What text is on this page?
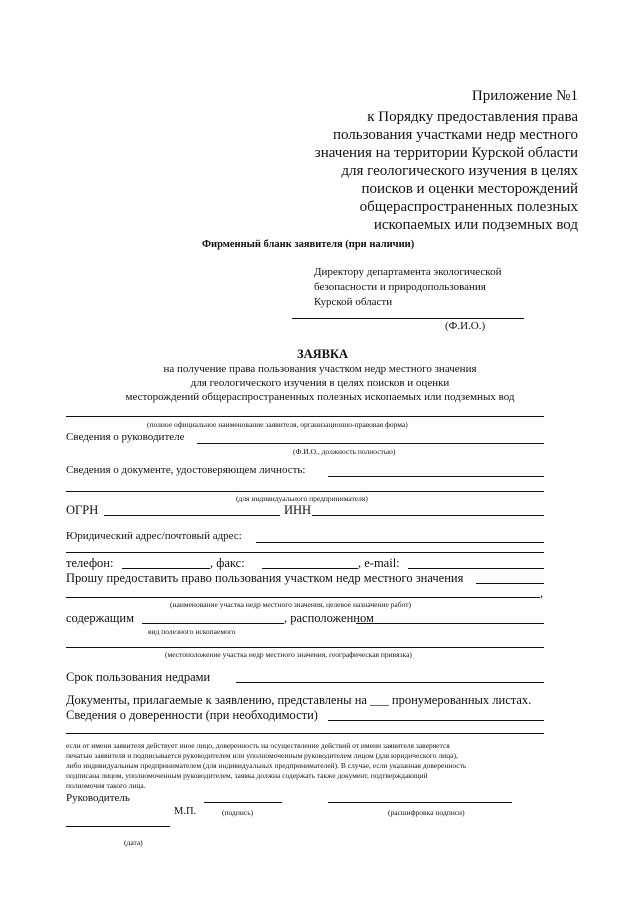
Приложение №1
к Порядку предоставления права
пользования участками недр местного
значения на территории Курской области
для геологического изучения в целях
поисков и оценки месторождений
общераспространенных полезных
ископаемых или подземных вод
Фирменный бланк заявителя (при наличии)
Директору департамента экологической
безопасности и природопользования
Курской области
(Ф.И.О.)
ЗАЯВКА
на получение права пользования участком недр местного значения
для геологического изучения в целях поисков и оценки
месторождений общераспространенных полезных ископаемых или подземных вод
(полное официальное наименование заявителя, организационно-правовая форма)
Сведения о руководителе
(Ф.И.О., должность полностью)
Сведения о документе, удостоверяющем личность:
(для индивидуального предпринимателя)
ОГРН	ИНН
Юридический адрес/почтовый адрес:
телефон:	, факс:	, e-mail:
Прошу предоставить право пользования участком недр местного значения
,
(наименование участка недр местного значения, целевое назначение работ)
содержащим	, расположенном
вид полезного ископаемого
(местоположение участка недр местного значения, географическая привязка)
Срок пользования недрами
Документы, прилагаемые к заявлению, представлены на ___ пронумерованных листах.
Сведения о доверенности (при необходимости)
если от имени заявителя действует иное лицо, доверенность на осуществление действий от имени заявителя заверяется
печатью заявителя и подписывается руководителем или уполномоченным руководителем лицом (для юридического лица),
либо индивидуальным предпринимателем (для индивидуальных предпринимателей). В случае, если указанная доверенность
подписана лицом, уполномоченным руководителем, заявка должна содержать также документ, подтверждающий
полномочия такого лица.
Руководитель
М.П.	(подпись)	(расшифровка подписи)
(дата)
